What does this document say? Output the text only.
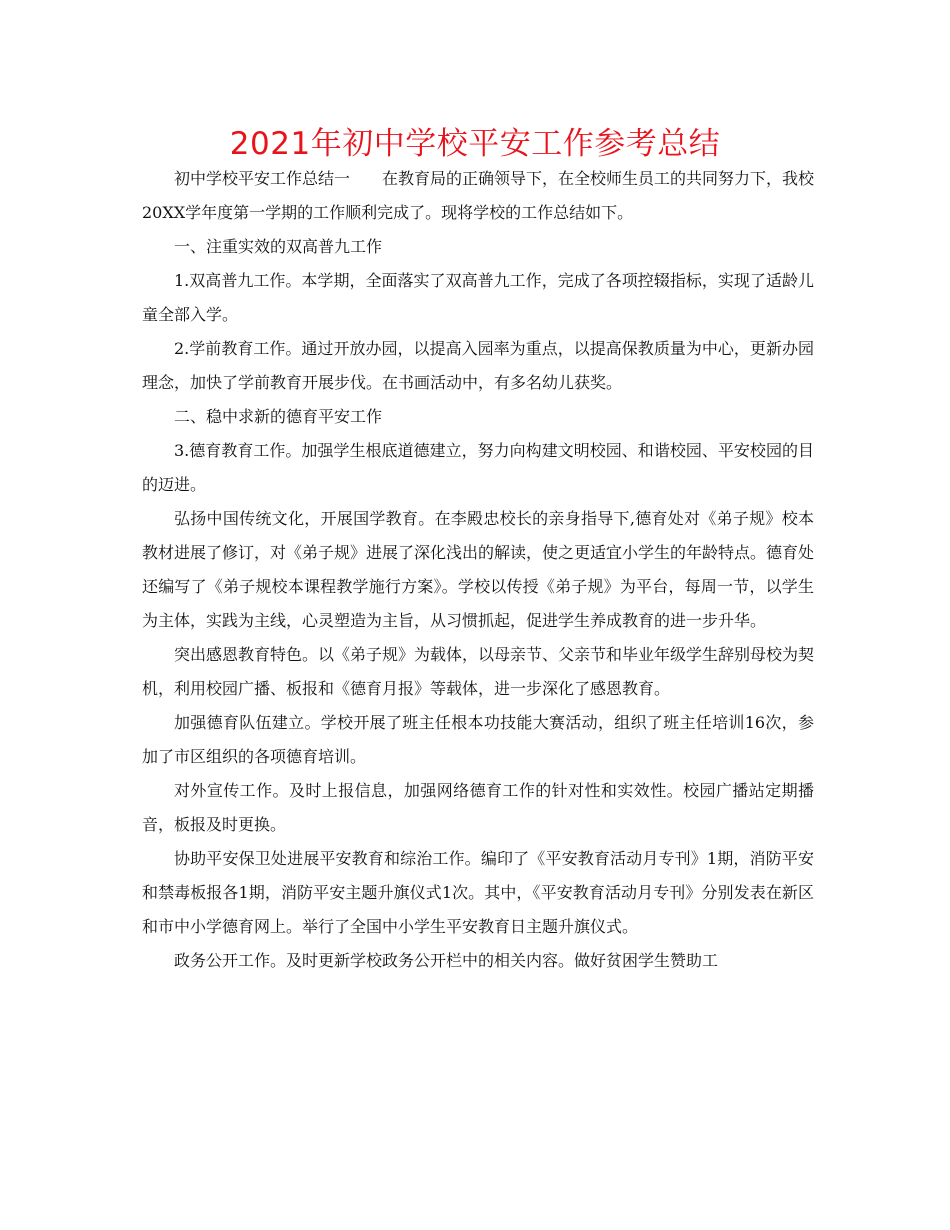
2021年初中学校平安工作参考总结

初中学校平安工作总结一　　在教育局的正确领导下，在全校师生员工的共同努力下，我校20XX学年度第一学期的工作顺利完成了。现将学校的工作总结如下。

一、注重实效的双高普九工作

1.双高普九工作。本学期，全面落实了双高普九工作，完成了各项控辍指标，实现了适龄儿童全部入学。

2.学前教育工作。通过开放办园，以提高入园率为重点，以提高保教质量为中心，更新办园理念，加快了学前教育开展步伐。在书画活动中，有多名幼儿获奖。

二、稳中求新的德育平安工作

3.德育教育工作。加强学生根底道德建立，努力向构建文明校园、和谐校园、平安校园的目的迈进。

弘扬中国传统文化，开展国学教育。在李殿忠校长的亲身指导下,德育处对《弟子规》校本教材进展了修订，对《弟子规》进展了深化浅出的解读，使之更适宜小学生的年龄特点。德育处还编写了《弟子规校本课程教学施行方案》。学校以传授《弟子规》为平台，每周一节，以学生为主体，实践为主线，心灵塑造为主旨，从习惯抓起，促进学生养成教育的进一步升华。

突出感恩教育特色。以《弟子规》为载体，以母亲节、父亲节和毕业年级学生辞别母校为契机，利用校园广播、板报和《德育月报》等载体，进一步深化了感恩教育。

加强德育队伍建立。学校开展了班主任根本功技能大赛活动，组织了班主任培训16次，参加了市区组织的各项德育培训。

对外宣传工作。及时上报信息，加强网络德育工作的针对性和实效性。校园广播站定期播音，板报及时更换。

协助平安保卫处进展平安教育和综治工作。编印了《平安教育活动月专刊》1期，消防平安和禁毒板报各1期，消防平安主题升旗仪式1次。其中，《平安教育活动月专刊》分别发表在新区和市中小学德育网上。举行了全国中小学生平安教育日主题升旗仪式。

政务公开工作。及时更新学校政务公开栏中的相关内容。做好贫困学生赞助工
